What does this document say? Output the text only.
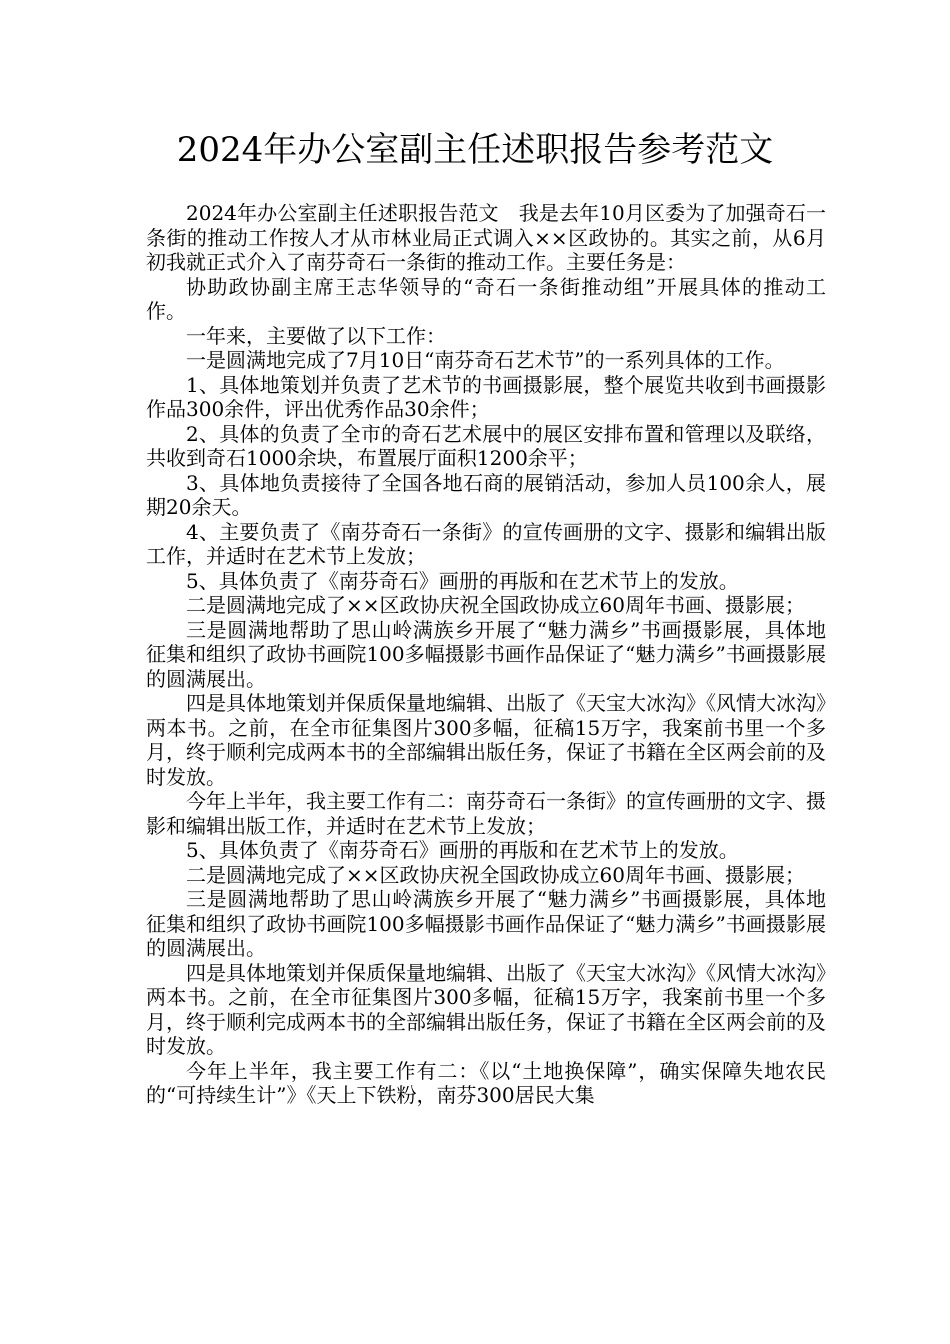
2024年办公室副主任述职报告参考范文

2024年办公室副主任述职报告范文　我是去年10月区委为了加强奇石一条街的推动工作按人才从市林业局正式调入××区政协的。其实之前，从6月初我就正式介入了南芬奇石一条街的推动工作。主要任务是：

协助政协副主席王志华领导的“奇石一条街推动组”开展具体的推动工作。

一年来，主要做了以下工作：

一是圆满地完成了7月10日“南芬奇石艺术节”的一系列具体的工作。

1、具体地策划并负责了艺术节的书画摄影展，整个展览共收到书画摄影作品300余件，评出优秀作品30余件；

2、具体的负责了全市的奇石艺术展中的展区安排布置和管理以及联络，共收到奇石1000余块，布置展厅面积1200余平；

3、具体地负责接待了全国各地石商的展销活动，参加人员100余人，展期20余天。

4、主要负责了《南芬奇石一条街》的宣传画册的文字、摄影和编辑出版工作，并适时在艺术节上发放；

5、具体负责了《南芬奇石》画册的再版和在艺术节上的发放。

二是圆满地完成了××区政协庆祝全国政协成立60周年书画、摄影展；

三是圆满地帮助了思山岭满族乡开展了“魅力满乡”书画摄影展，具体地征集和组织了政协书画院100多幅摄影书画作品保证了“魅力满乡”书画摄影展的圆满展出。

四是具体地策划并保质保量地编辑、出版了《天宝大冰沟》《风情大冰沟》两本书。之前，在全市征集图片300多幅，征稿15万字，我案前书里一个多月，终于顺利完成两本书的全部编辑出版任务，保证了书籍在全区两会前的及时发放。

今年上半年，我主要工作有二：南芬奇石一条街》的宣传画册的文字、摄影和编辑出版工作，并适时在艺术节上发放；

5、具体负责了《南芬奇石》画册的再版和在艺术节上的发放。

二是圆满地完成了××区政协庆祝全国政协成立60周年书画、摄影展；

三是圆满地帮助了思山岭满族乡开展了“魅力满乡”书画摄影展，具体地征集和组织了政协书画院100多幅摄影书画作品保证了“魅力满乡”书画摄影展的圆满展出。

四是具体地策划并保质保量地编辑、出版了《天宝大冰沟》《风情大冰沟》两本书。之前，在全市征集图片300多幅，征稿15万字，我案前书里一个多月，终于顺利完成两本书的全部编辑出版任务，保证了书籍在全区两会前的及时发放。

今年上半年，我主要工作有二：《以“土地换保障”，确实保障失地农民的“可持续生计”》《天上下铁粉，南芬300居民大集
